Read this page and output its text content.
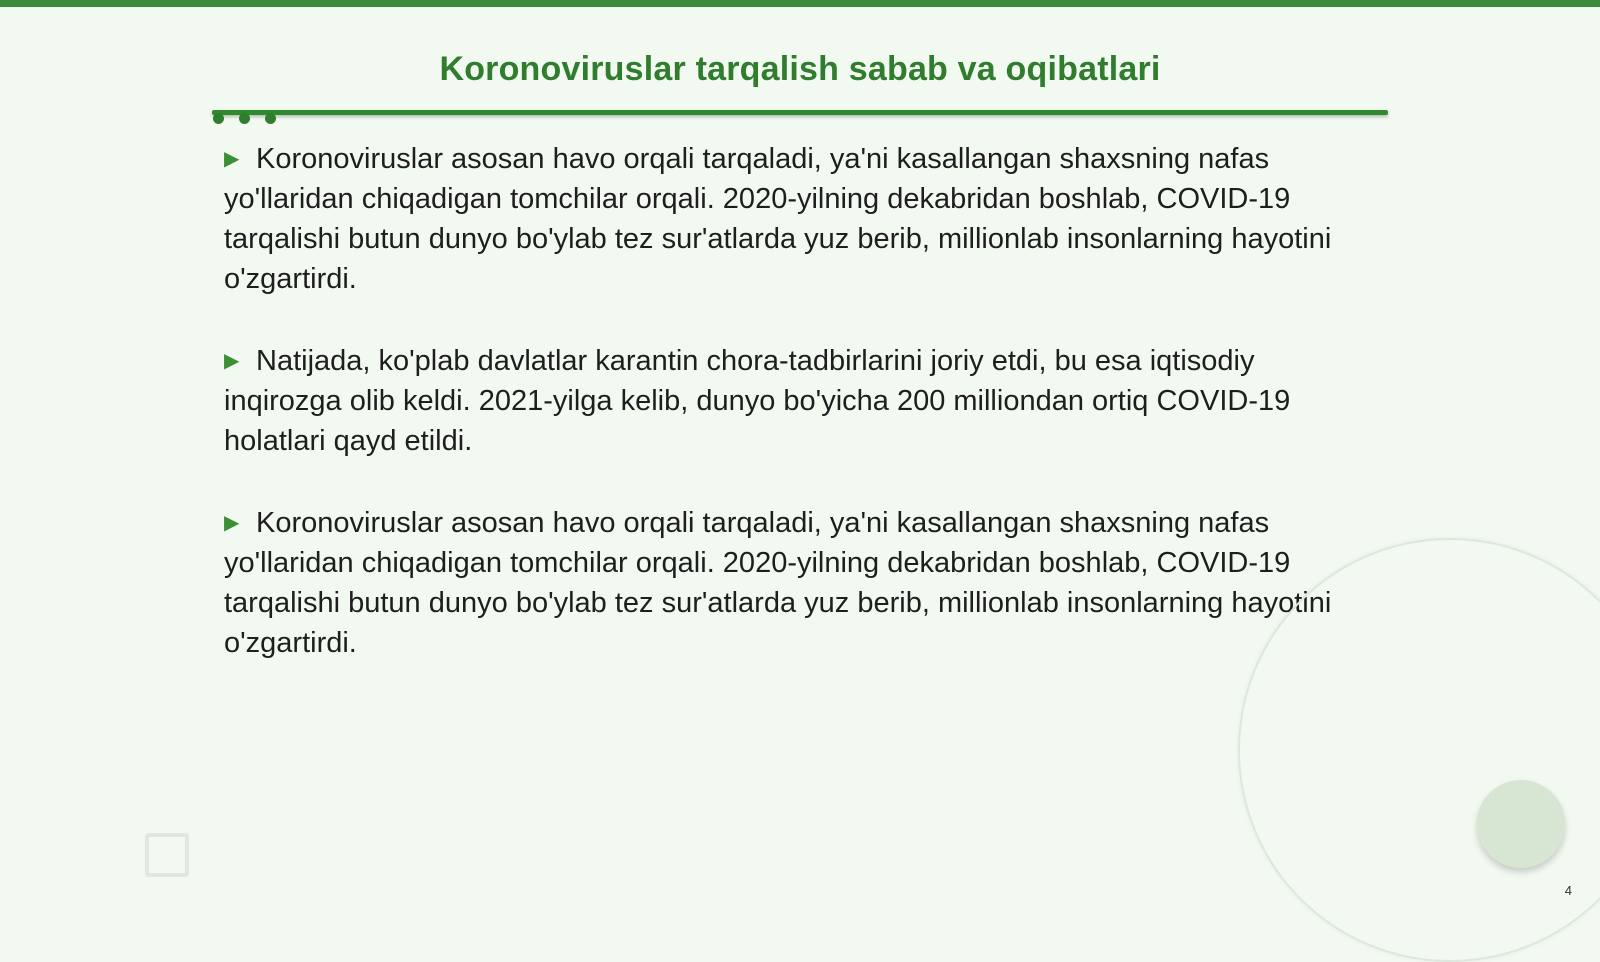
Koronoviruslar tarqalish sabab va oqibatlari

▶ Koronoviruslar asosan havo orqali tarqaladi, ya'ni kasallangan shaxsning nafas yo'llaridan chiqadigan tomchilar orqali. 2020-yilning dekabridan boshlab, COVID-19 tarqalishi butun dunyo bo'ylab tez sur'atlarda yuz berib, millionlab insonlarning hayotini o'zgartirdi.

▶ Natijada, ko'plab davlatlar karantin chora-tadbirlarini joriy etdi, bu esa iqtisodiy inqirozga olib keldi. 2021-yilga kelib, dunyo bo'yicha 200 milliondan ortiq COVID-19 holatlari qayd etildi.

▶ Koronoviruslar asosan havo orqali tarqaladi, ya'ni kasallangan shaxsning nafas yo'llaridan chiqadigan tomchilar orqali. 2020-yilning dekabridan boshlab, COVID-19 tarqalishi butun dunyo bo'ylab tez sur'atlarda yuz berib, millionlab insonlarning hayotini o'zgartirdi.

4
